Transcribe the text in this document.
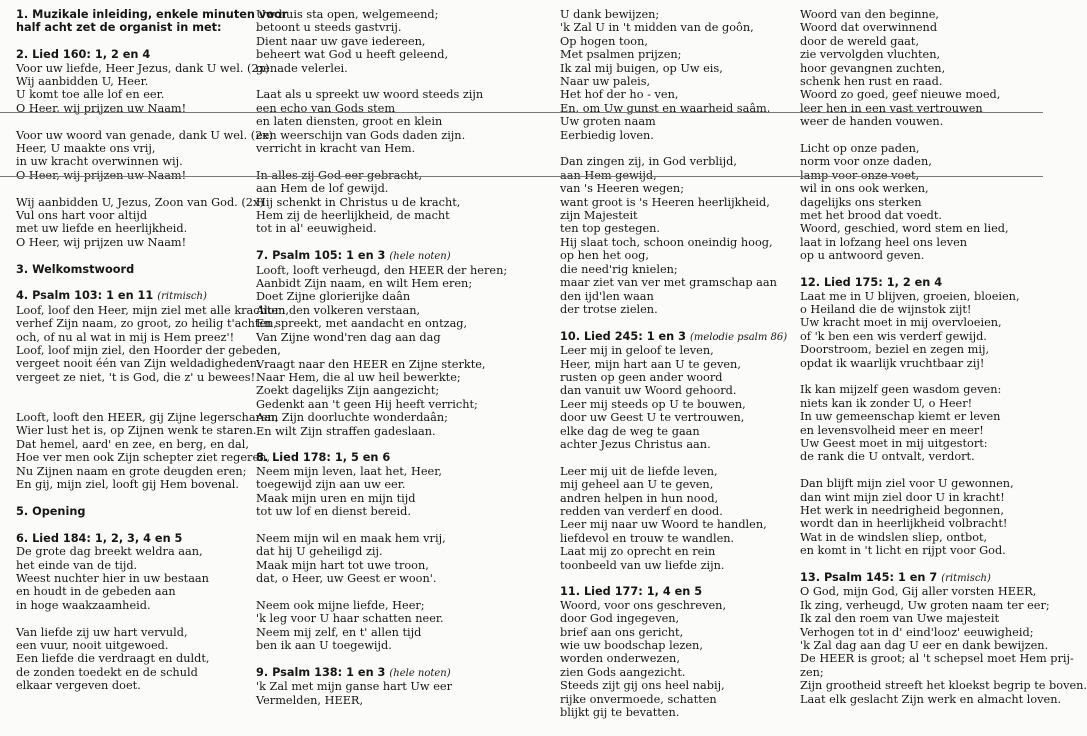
1. Muzikale inleiding, enkele minuten voor
half acht zet de organist in met:
2. Lied 160: 1, 2 en 4
Voor uw liefde, Heer Jezus, dank U wel. (2x)
Wij aanbidden U, Heer.
U komt toe alle lof en eer.
O Heer, wij prijzen uw Naam!
Voor uw woord van genade, dank U wel. (2x)
Heer, U maakte ons vrij,
in uw kracht overwinnen wij.
O Heer, wij prijzen uw Naam!
Wij aanbidden U, Jezus, Zoon van God. (2x)
Vul ons hart voor altijd
met uw liefde en heerlijkheid.
O Heer, wij prijzen uw Naam!
3. Welkomstwoord
4. Psalm 103: 1 en 11 (ritmisch)
Loof, loof den Heer, mijn ziel met alle krachten,
verhef Zijn naam, zo groot, zo heilig t'achten,
och, of nu al wat in mij is Hem preez'!
Loof, loof mijn ziel, den Hoorder der gebeden,
vergeet nooit één van Zijn weldadigheden:
vergeet ze niet, 't is God, die z' u bewees!
Looft, looft den HEER, gij Zijne legerscharen,
Wier lust het is, op Zijnen wenk te staren.
Dat hemel, aard' en zee, en berg, en dal,
Hoe ver men ook Zijn schepter ziet regeren,
Nu Zijnen naam en grote deugden eren;
En gij, mijn ziel, looft gij Hem bovenal.
5. Opening
6. Lied 184: 1, 2, 3, 4 en 5
De grote dag breekt weldra aan,
het einde van de tijd.
Weest nuchter hier in uw bestaan
en houdt in de gebeden aan
in hoge waakzaamheid.
Van liefde zij uw hart vervuld,
een vuur, nooit uitgewoed.
Een liefde die verdraagt en duldt,
de zonden toedekt en de schuld
elkaar vergeven doet.
Uw huis sta open, welgemeend;
betoont u steeds gastvrij.
Dient naar uw gave iedereen,
beheert wat God u heeft geleend,
genade velerlei.
Laat als u spreekt uw woord steeds zijn
een echo van Gods stem
en laten diensten, groot en klein
een weerschijn van Gods daden zijn.
verricht in kracht van Hem.
In alles zij God eer gebracht,
aan Hem de lof gewijd.
Hij schenkt in Christus u de kracht,
Hem zij de heerlijkheid, de macht
tot in al' eeuwigheid.
7. Psalm 105: 1 en 3 (hele noten)
Looft, looft verheugd, den HEER der heren;
Aanbidt Zijn naam, en wilt Hem eren;
Doet Zijne glorierijke daân
Alom den volkeren verstaan,
En spreekt, met aandacht en ontzag,
Van Zijne wond'ren dag aan dag
Vraagt naar den HEER en Zijne sterkte,
Naar Hem, die al uw heil bewerkte;
Zoekt dagelijks Zijn aangezicht;
Gedenkt aan 't geen Hij heeft verricht;
Aan Zijn doorluchte wonderdaân;
En wilt Zijn straffen gadeslaan.
8. Lied 178: 1, 5 en 6
Neem mijn leven, laat het, Heer,
toegewijd zijn aan uw eer.
Maak mijn uren en mijn tijd
tot uw lof en dienst bereid.
Neem mijn wil en maak hem vrij,
dat hij U geheiligd zij.
Maak mijn hart tot uwe troon,
dat, o Heer, uw Geest er woon'.
Neem ook mijne liefde, Heer;
'k leg voor U haar schatten neer.
Neem mij zelf, en t' allen tijd
ben ik aan U toegewijd.
9. Psalm 138: 1 en 3 (hele noten)
'k Zal met mijn ganse hart Uw eer
Vermelden, HEER,
U dank bewijzen;
'k Zal U in 't midden van de goôn,
Op hogen toon,
Met psalmen prijzen;
Ik zal mij buigen, op Uw eis,
Naar uw paleis,
Het hof der ho - ven,
En, om Uw gunst en waarheid saâm,
Uw groten naam
Eerbiedig loven.
Dan zingen zij, in God verblijd,
aan Hem gewijd,
van 's Heeren wegen;
want groot is 's Heeren heerlijkheid,
zijn Majesteit
ten top gestegen.
Hij slaat toch, schoon oneindig hoog,
op hen het oog,
die need'rig knielen;
maar ziet van ver met gramschap aan
den ijd'len waan
der trotse zielen.
10. Lied 245: 1 en 3 (melodie psalm 86)
Leer mij in geloof te leven,
Heer, mijn hart aan U te geven,
rusten op geen ander woord
dan vanuit uw Woord gehoord.
Leer mij steeds op U te bouwen,
door uw Geest U te vertrouwen,
elke dag de weg te gaan
achter Jezus Christus aan.
Leer mij uit de liefde leven,
mij geheel aan U te geven,
andren helpen in hun nood,
redden van verderf en dood.
Leer mij naar uw Woord te handlen,
liefdevol en trouw te wandlen.
Laat mij zo oprecht en rein
toonbeeld van uw liefde zijn.
11. Lied 177: 1, 4 en 5
Woord, voor ons geschreven,
door God ingegeven,
brief aan ons gericht,
wie uw boodschap lezen,
worden onderwezen,
zien Gods aangezicht.
Steeds zijt gij ons heel nabij,
rijke onvermoede, schatten
blijkt gij te bevatten.
Woord van den beginne,
Woord dat overwinnend
door de wereld gaat,
zie vervolgden vluchten,
hoor gevangnen zuchten,
schenk hen rust en raad.
Woord zo goed, geef nieuwe moed,
leer hen in een vast vertrouwen
weer de handen vouwen.
Licht op onze paden,
norm voor onze daden,
lamp voor onze voet,
wil in ons ook werken,
dagelijks ons sterken
met het brood dat voedt.
Woord, geschied, word stem en lied,
laat in lofzang heel ons leven
op u antwoord geven.
12. Lied 175: 1, 2 en 4
Laat me in U blijven, groeien, bloeien,
o Heiland die de wijnstok zijt!
Uw kracht moet in mij overvloeien,
of 'k ben een wis verderf gewijd.
Doorstroom, beziel en zegen mij,
opdat ik waarlijk vruchtbaar zij!
Ik kan mijzelf geen wasdom geven:
niets kan ik zonder U, o Heer!
In uw gemeenschap kiemt er leven
en levensvolheid meer en meer!
Uw Geest moet in mij uitgestort:
de rank die U ontvalt, verdort.
Dan blijft mijn ziel voor U gewonnen,
dan wint mijn ziel door U in kracht!
Het werk in needrigheid begonnen,
wordt dan in heerlijkheid volbracht!
Wat in de windslen sliep, ontbot,
en komt in 't licht en rijpt voor God.
13. Psalm 145: 1 en 7 (ritmisch)
O God, mijn God, Gij aller vorsten HEER,
Ik zing, verheugd, Uw groten naam ter eer;
Ik zal den roem van Uwe majesteit
Verhogen tot in d' eind'looz' eeuwigheid;
'k Zal dag aan dag U eer en dank bewijzen.
De HEER is groot; al 't schepsel moet Hem prij-
zen;
Zijn grootheid streeft het kloekst begrip te boven.
Laat elk geslacht Zijn werk en almacht loven.
